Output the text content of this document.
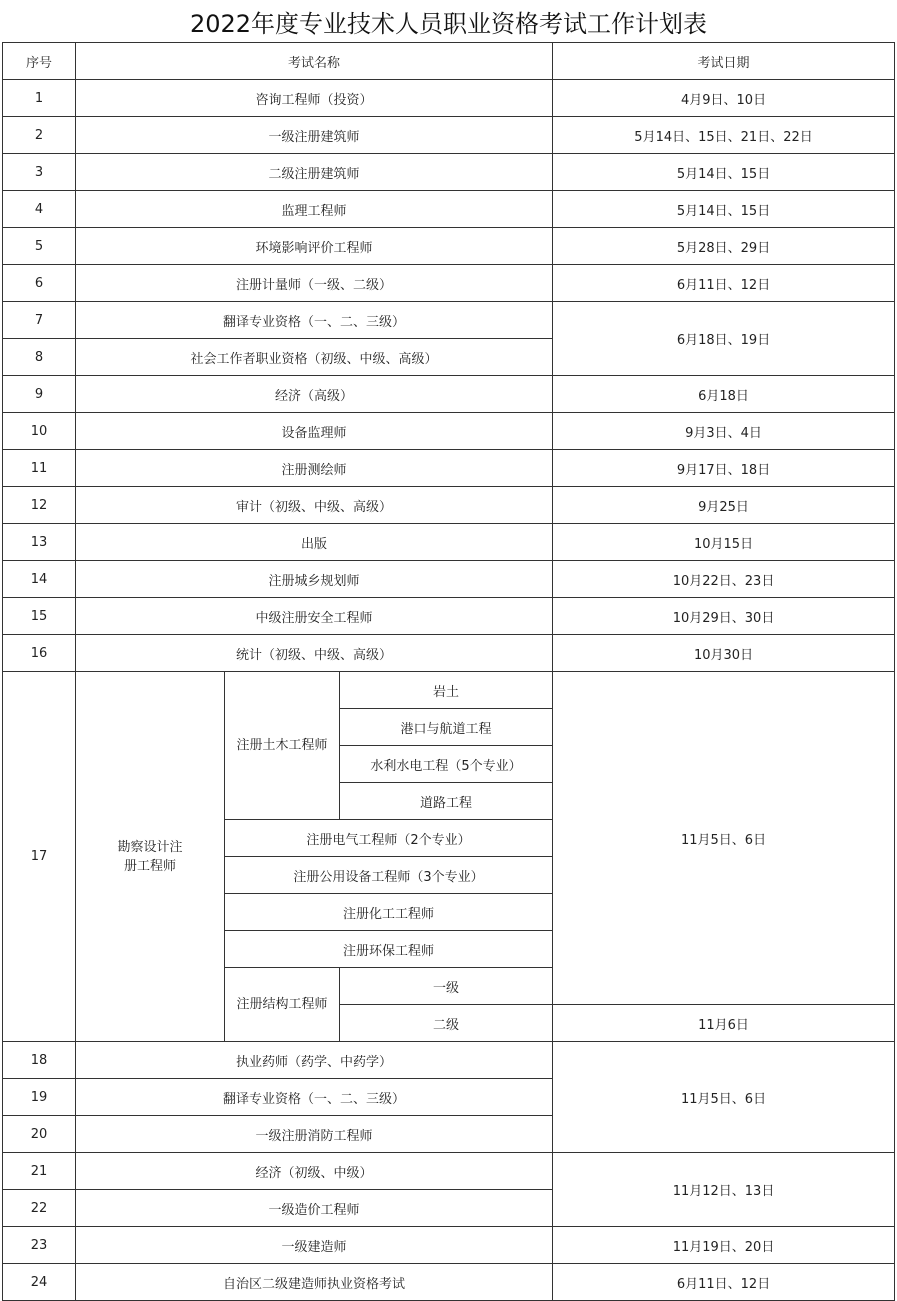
2022年度专业技术人员职业资格考试工作计划表
序号	考试名称			考试日期
1	咨询工程师（投资）			4月9日、10日
2	一级注册建筑师			5月14日、15日、21日、22日
3	二级注册建筑师			5月14日、15日
4	监理工程师			5月14日、15日
5	环境影响评价工程师			5月28日、29日
6	注册计量师（一级、二级）			6月11日、12日
7	翻译专业资格（一、二、三级）			6月18日、19日
8	社会工作者职业资格（初级、中级、高级）			
9	经济（高级）			6月18日
10	设备监理师			9月3日、4日
11	注册测绘师			9月17日、18日
12	审计（初级、中级、高级）			9月25日
13	出版			10月15日
14	注册城乡规划师			10月22日、23日
15	中级注册安全工程师			10月29日、30日
16	统计（初级、中级、高级）			10月30日
17	勘察设计注册工程师	注册土木工程师	岩土	11月5日、6日
			港口与航道工程	
			水利水电工程（5个专业）	
			道路工程	
		注册电气工程师（2个专业）		
		注册公用设备工程师（3个专业）		
		注册化工工程师		
		注册环保工程师		
		注册结构工程师	一级	
			二级	11月6日
18	执业药师（药学、中药学）			11月5日、6日
19	翻译专业资格（一、二、三级）			
20	一级注册消防工程师			
21	经济（初级、中级）			11月12日、13日
22	一级造价工程师			
23	一级建造师			11月19日、20日
24	自治区二级建造师执业资格考试			6月11日、12日
